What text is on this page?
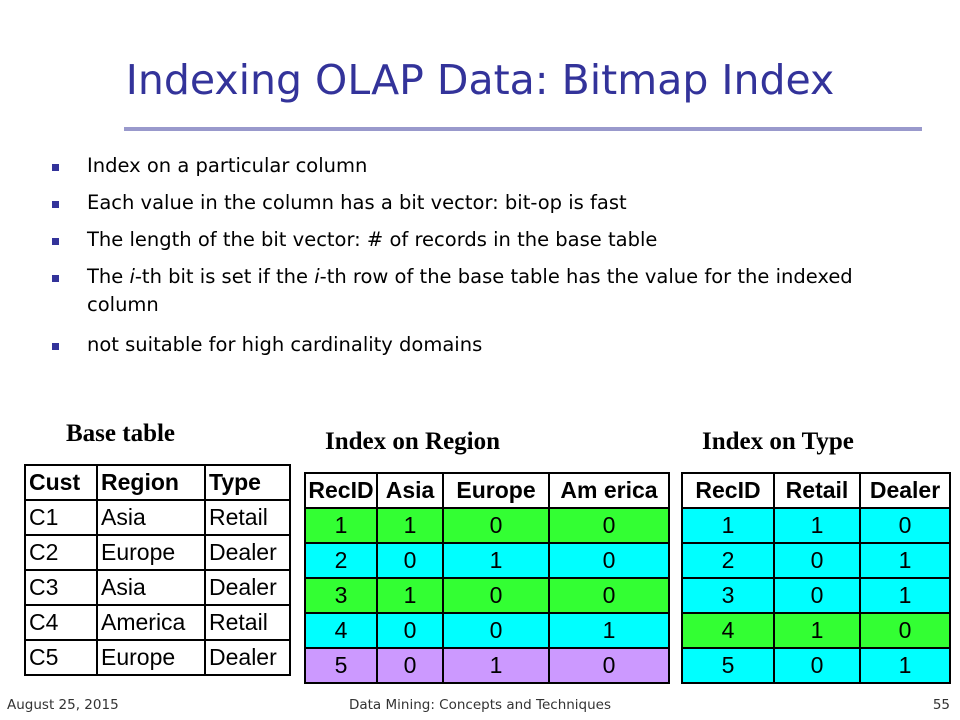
Indexing OLAP Data: Bitmap Index
Index on a particular column
Each value in the column has a bit vector: bit-op is fast
The length of the bit vector: # of records in the base table
The i-th bit is set if the i-th row of the base table has the value for the indexed column
not suitable for high cardinality domains
Base table	Index on Region	Index on Type
Cust	Region	Type
C1	Asia	Retail
C2	Europe	Dealer
C3	Asia	Dealer
C4	America	Retail
C5	Europe	Dealer
RecID	Asia	Europe	Am erica
1	1	0	0
2	0	1	0
3	1	0	0
4	0	0	1
5	0	1	0
RecID	Retail	Dealer
1	1	0
2	0	1
3	0	1
4	1	0
5	0	1
August 25, 2015	Data Mining: Concepts and Techniques	55
